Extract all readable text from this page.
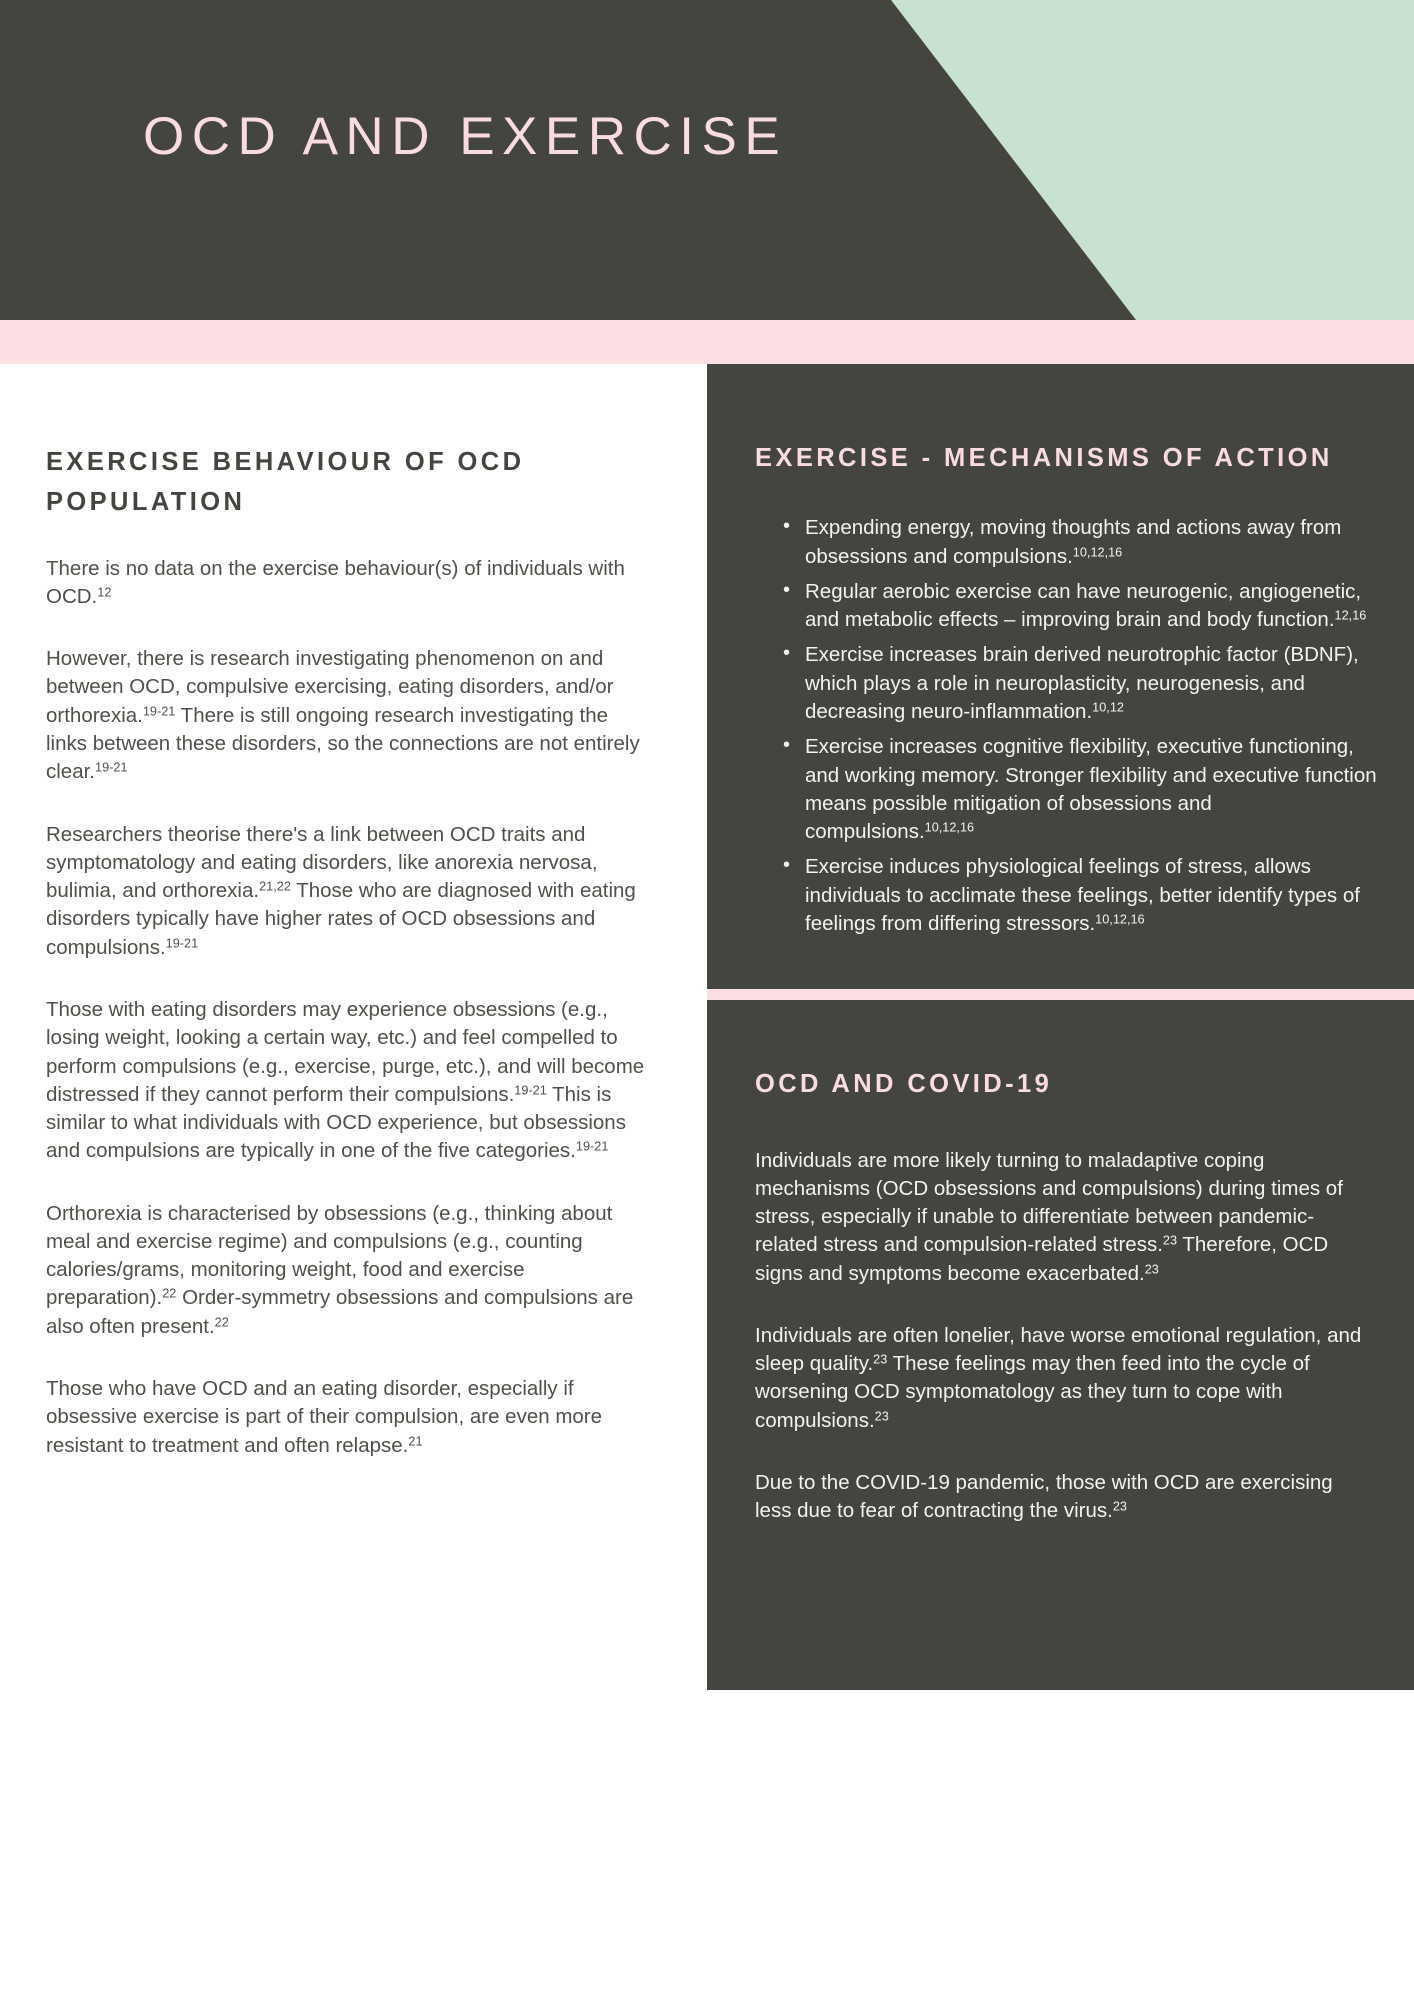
OCD AND EXERCISE
EXERCISE BEHAVIOUR OF OCD POPULATION

There is no data on the exercise behaviour(s) of individuals with OCD.$^{12}$

However, there is research investigating phenomenon on and between OCD, compulsive exercising, eating disorders, and/or orthorexia.$^{19-21}$ There is still ongoing research investigating the links between these disorders, so the connections are not entirely clear.$^{19-21}$

Researchers theorise there's a link between OCD traits and symptomatology and eating disorders, like anorexia nervosa, bulimia, and orthorexia.$^{21,22}$ Those who are diagnosed with eating disorders typically have higher rates of OCD obsessions and compulsions.$^{19-21}$

Those with eating disorders may experience obsessions (e.g., losing weight, looking a certain way, etc.) and feel compelled to perform compulsions (e.g., exercise, purge, etc.), and will become distressed if they cannot perform their compulsions.$^{19-21}$ This is similar to what individuals with OCD experience, but obsessions and compulsions are typically in one of the five categories.$^{19-21}$

Orthorexia is characterised by obsessions (e.g., thinking about meal and exercise regime) and compulsions (e.g., counting calories/grams, monitoring weight, food and exercise preparation).$^{22}$ Order-symmetry obsessions and compulsions are also often present.$^{22}$

Those who have OCD and an eating disorder, especially if obsessive exercise is part of their compulsion, are even more resistant to treatment and often relapse.$^{21}$

EXERCISE - MECHANISMS OF ACTION
• Expending energy, moving thoughts and actions away from obsessions and compulsions.$^{10,12,16}$
• Regular aerobic exercise can have neurogenic, angiogenetic, and metabolic effects – improving brain and body function.$^{12,16}$
• Exercise increases brain derived neurotrophic factor (BDNF), which plays a role in neuroplasticity, neurogenesis, and decreasing neuro-inflammation.$^{10,12}$
• Exercise increases cognitive flexibility, executive functioning, and working memory. Stronger flexibility and executive function means possible mitigation of obsessions and compulsions.$^{10,12,16}$
• Exercise induces physiological feelings of stress, allows individuals to acclimate these feelings, better identify types of feelings from differing stressors.$^{10,12,16}$
OCD AND COVID-19

Individuals are more likely turning to maladaptive coping mechanisms (OCD obsessions and compulsions) during times of stress, especially if unable to differentiate between pandemic-related stress and compulsion-related stress.$^{23}$ Therefore, OCD signs and symptoms become exacerbated.$^{23}$

Individuals are often lonelier, have worse emotional regulation, and sleep quality.$^{23}$ These feelings may then feed into the cycle of worsening OCD symptomatology as they turn to cope with compulsions.$^{23}$

Due to the COVID-19 pandemic, those with OCD are exercising less due to fear of contracting the virus.$^{23}$
